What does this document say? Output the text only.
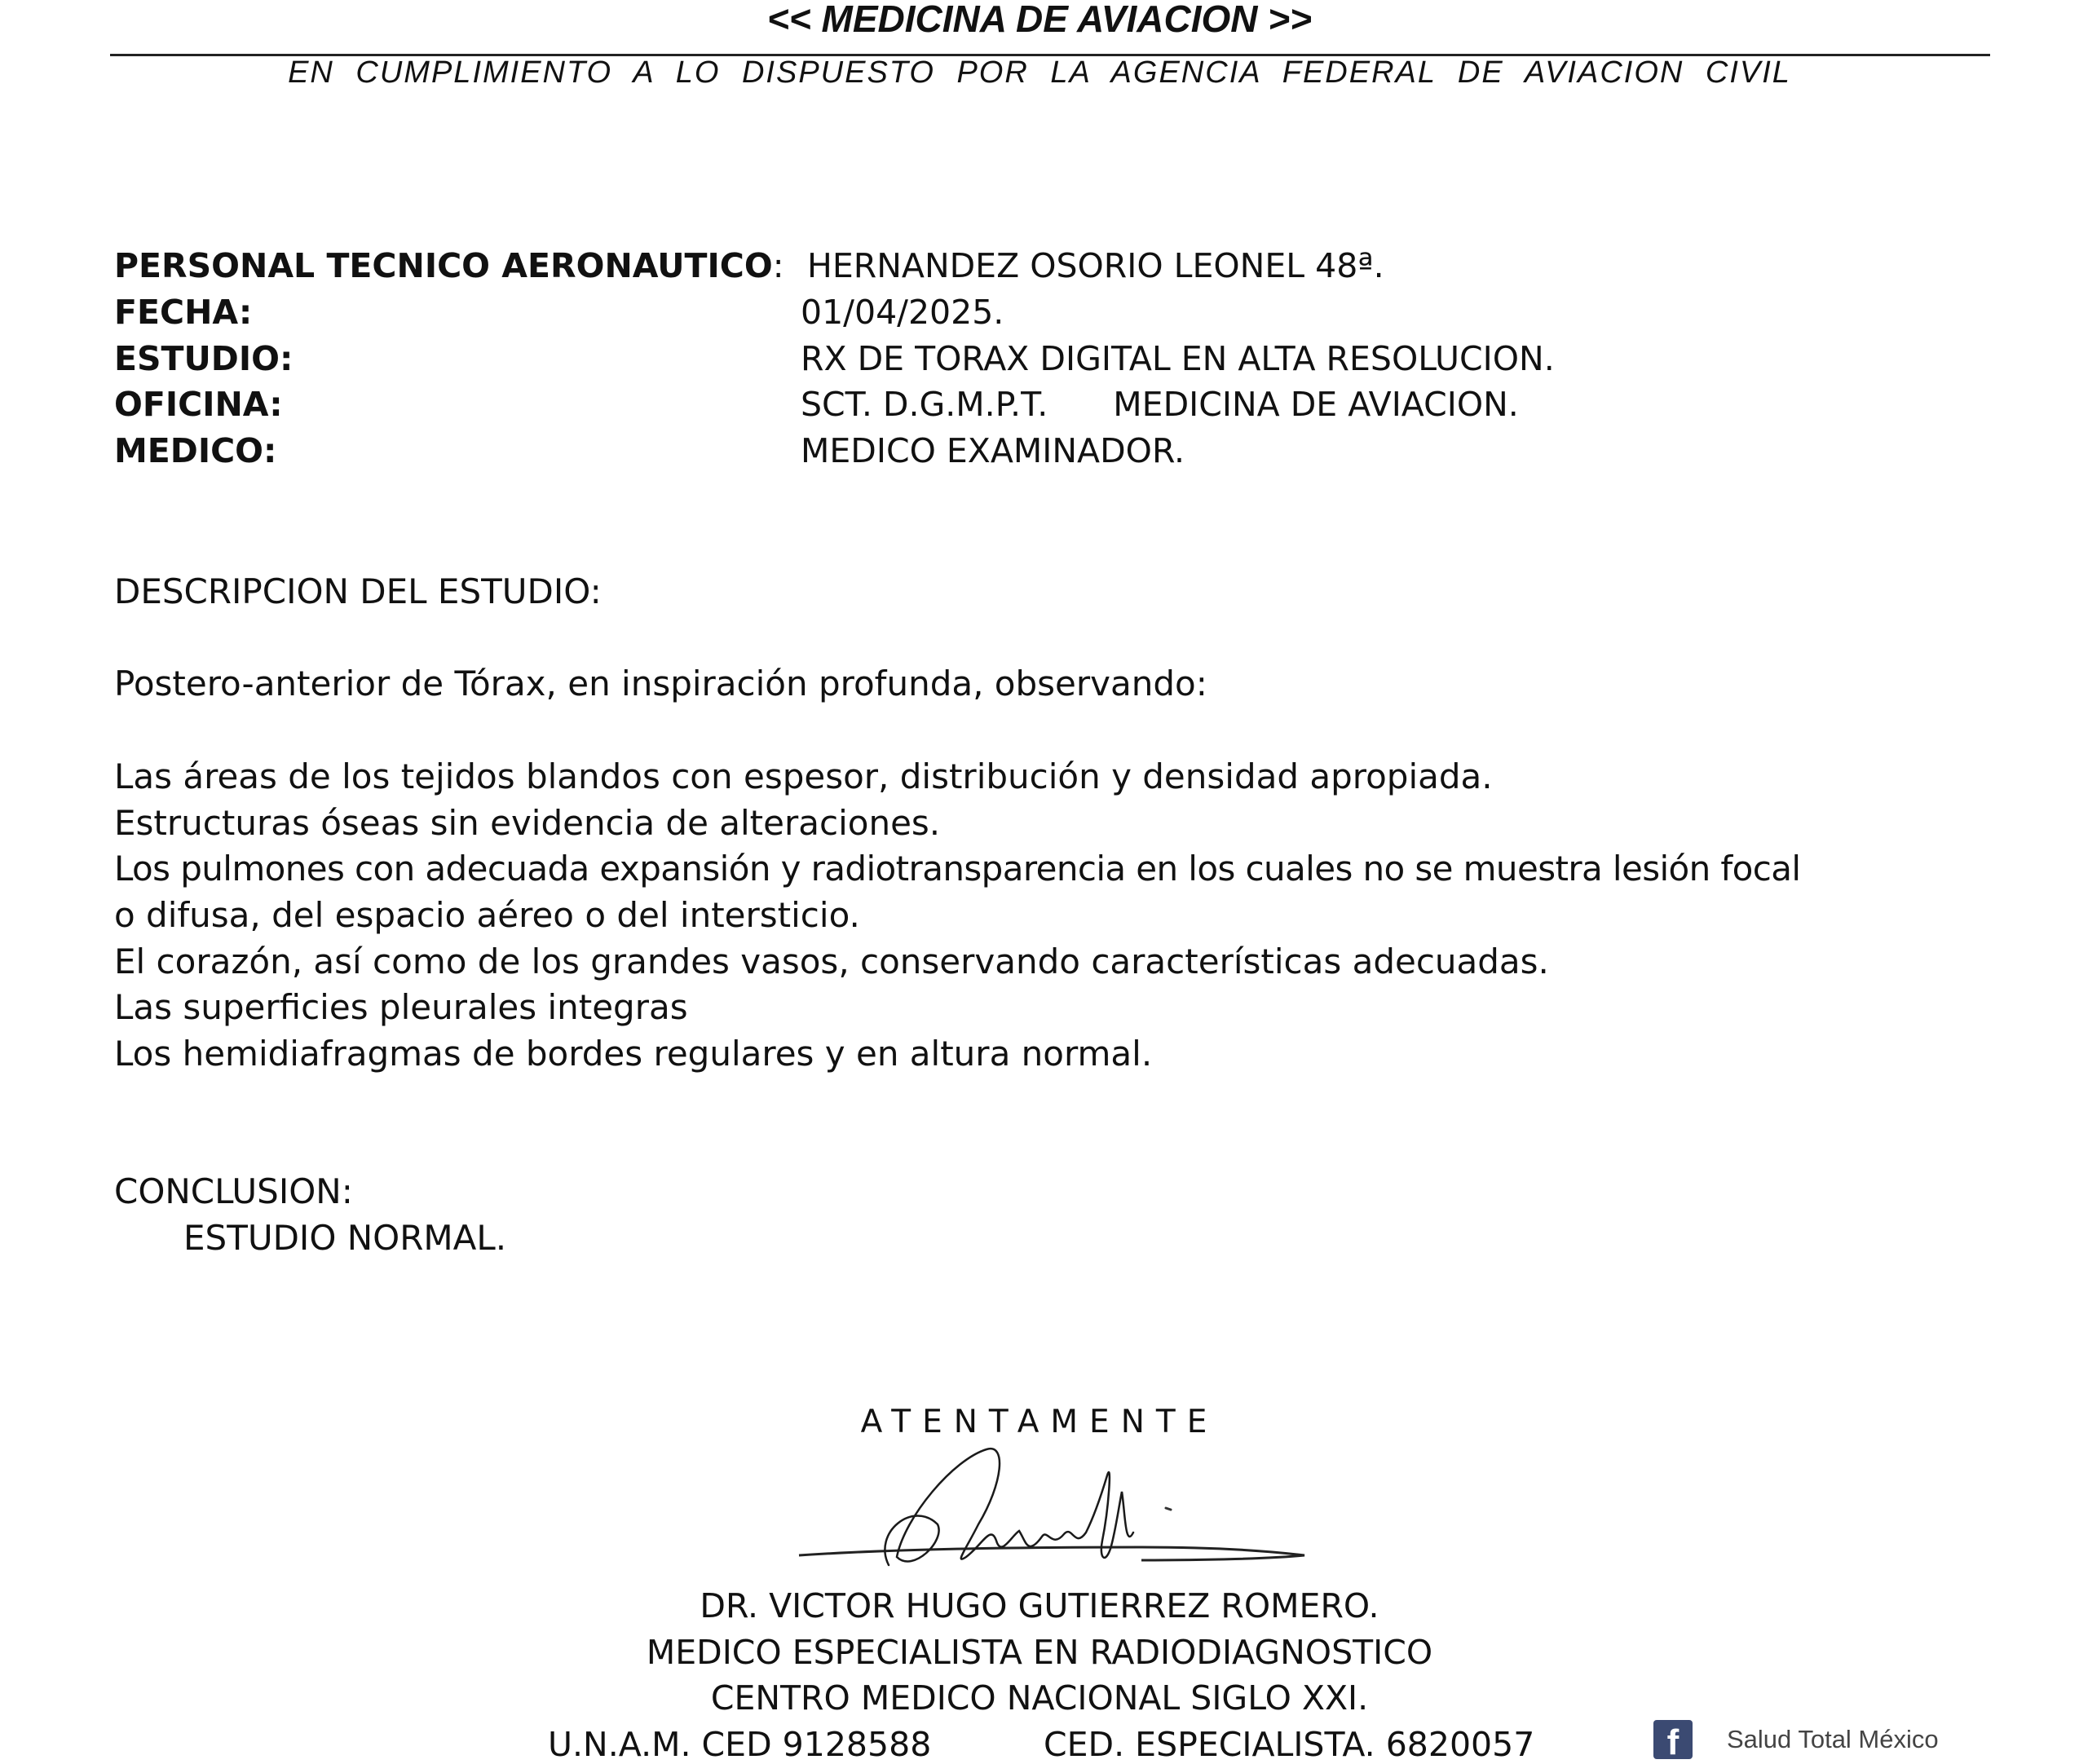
<< MEDICINA DE AVIACION >>
EN CUMPLIMIENTO A LO DISPUESTO POR LA AGENCIA FEDERAL DE AVIACION CIVIL
PERSONAL TECNICO AERONAUTICO: HERNANDEZ OSORIO LEONEL 48ª.
FECHA:	01/04/2025.
ESTUDIO:	RX DE TORAX DIGITAL EN ALTA RESOLUCION.
OFICINA:	SCT. D.G.M.P.T. MEDICINA DE AVIACION.
MEDICO:	MEDICO EXAMINADOR.
DESCRIPCION DEL ESTUDIO:
Postero-anterior de Tórax, en inspiración profunda, observando:
Las áreas de los tejidos blandos con espesor, distribución y densidad apropiada.
Estructuras óseas sin evidencia de alteraciones.
Los pulmones con adecuada expansión y radiotransparencia en los cuales no se muestra lesión focal
o difusa, del espacio aéreo o del intersticio.
El corazón, así como de los grandes vasos, conservando características adecuadas.
Las superficies pleurales integras
Los hemidiafragmas de bordes regulares y en altura normal.
CONCLUSION:
ESTUDIO NORMAL.
ATENTAMENTE
DR. VICTOR HUGO GUTIERREZ ROMERO.
MEDICO ESPECIALISTA EN RADIODIAGNOSTICO
CENTRO MEDICO NACIONAL SIGLO XXI.
U.N.A.M. CED 9128588	CED. ESPECIALISTA. 6820057	f	Salud Total México
